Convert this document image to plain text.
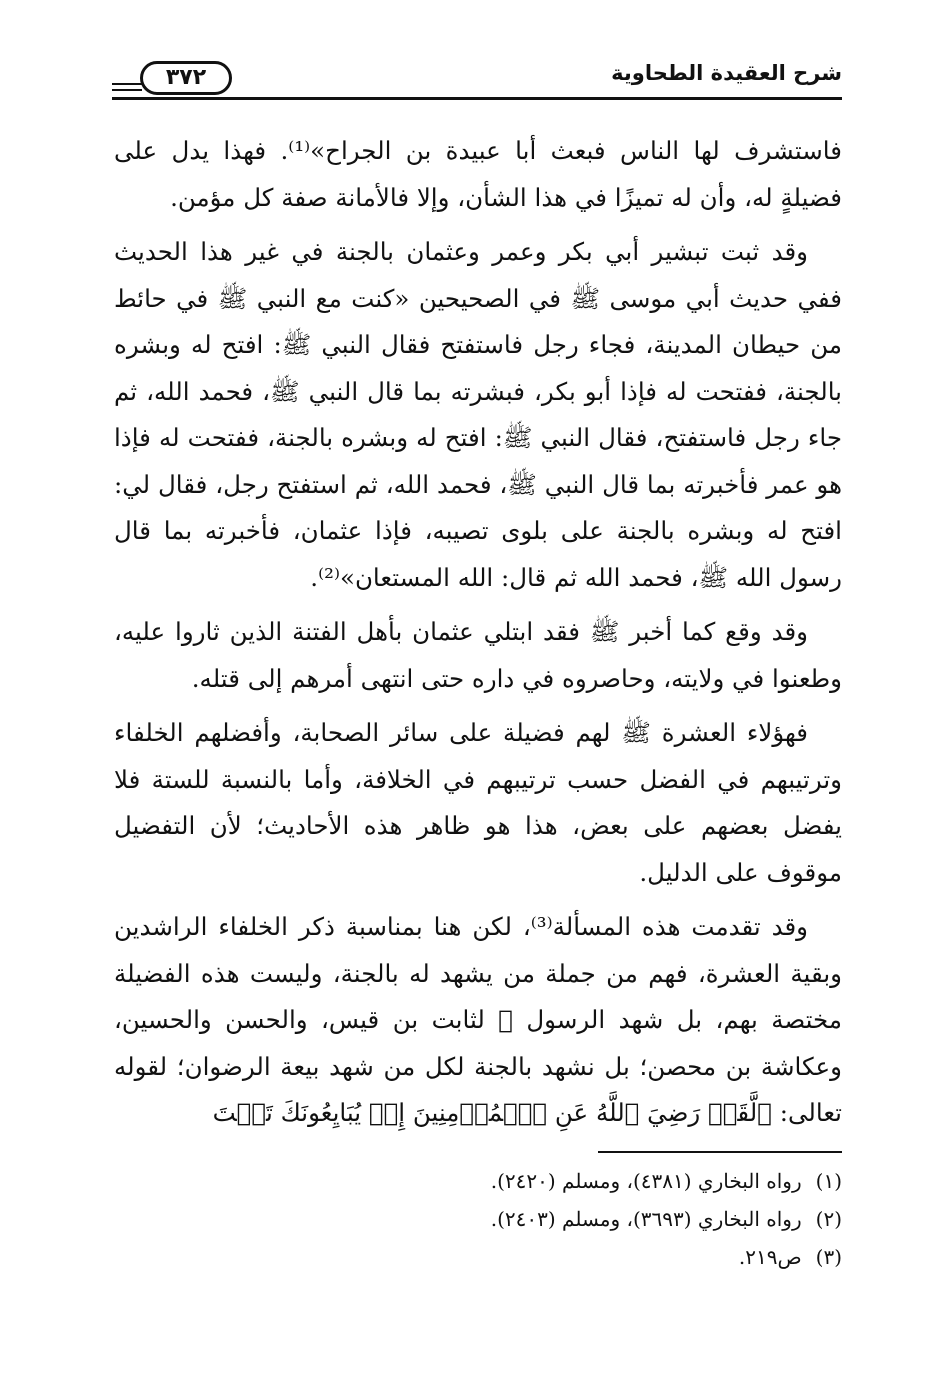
٣٧٢	شرح العقيدة الطحاوية

فاستشرف لها الناس فبعث أبا عبيدة بن الجراح»⁽¹⁾. فهذا يدل على فضيلةٍ له، وأن له تميزًا في هذا الشأن، وإلا فالأمانة صفة كل مؤمن.

وقد ثبت تبشير أبي بكر وعمر وعثمان بالجنة في غير هذا الحديث ففي حديث أبي موسى ﷺ في الصحيحين «كنت مع النبي ﷺ في حائط من حيطان المدينة، فجاء رجل فاستفتح فقال النبي ﷺ: افتح له وبشره بالجنة، ففتحت له فإذا أبو بكر، فبشرته بما قال النبي ﷺ، فحمد الله، ثم جاء رجل فاستفتح، فقال النبي ﷺ: افتح له وبشره بالجنة، ففتحت له فإذا هو عمر فأخبرته بما قال النبي ﷺ، فحمد الله، ثم استفتح رجل، فقال لي: افتح له وبشره بالجنة على بلوى تصيبه، فإذا عثمان، فأخبرته بما قال رسول الله ﷺ، فحمد الله ثم قال: الله المستعان»⁽²⁾.

وقد وقع كما أخبر ﷺ فقد ابتلي عثمان بأهل الفتنة الذين ثاروا عليه، وطعنوا في ولايته، وحاصروه في داره حتى انتهى أمرهم إلى قتله.

فهؤلاء العشرة ﷺ لهم فضيلة على سائر الصحابة، وأفضلهم الخلفاء وترتيبهم في الفضل حسب ترتيبهم في الخلافة، وأما بالنسبة للستة فلا يفضل بعضهم على بعض، هذا هو ظاهر هذه الأحاديث؛ لأن التفضيل موقوف على الدليل.

وقد تقدمت هذه المسألة⁽³⁾، لكن هنا بمناسبة ذكر الخلفاء الراشدين وبقية العشرة، فهم من جملة من يشهد له بالجنة، وليست هذه الفضيلة مختصة بهم، بل شهد الرسول ﷺ لثابت بن قيس، والحسن والحسين، وعكاشة بن محصن؛ بل نشهد بالجنة لكل من شهد بيعة الرضوان؛ لقوله تعالى: ﴿لَّقَدۡ رَضِيَ ٱللَّهُ عَنِ ٱلۡمُؤۡمِنِينَ إِذۡ يُبَايِعُونَكَ تَحۡتَ

(١)رواه البخاري (٤٣٨١)، ومسلم (٢٤٢٠).
(٢)رواه البخاري (٣٦٩٣)، ومسلم (٢٤٠٣).
(٣)ص٢١٩.
